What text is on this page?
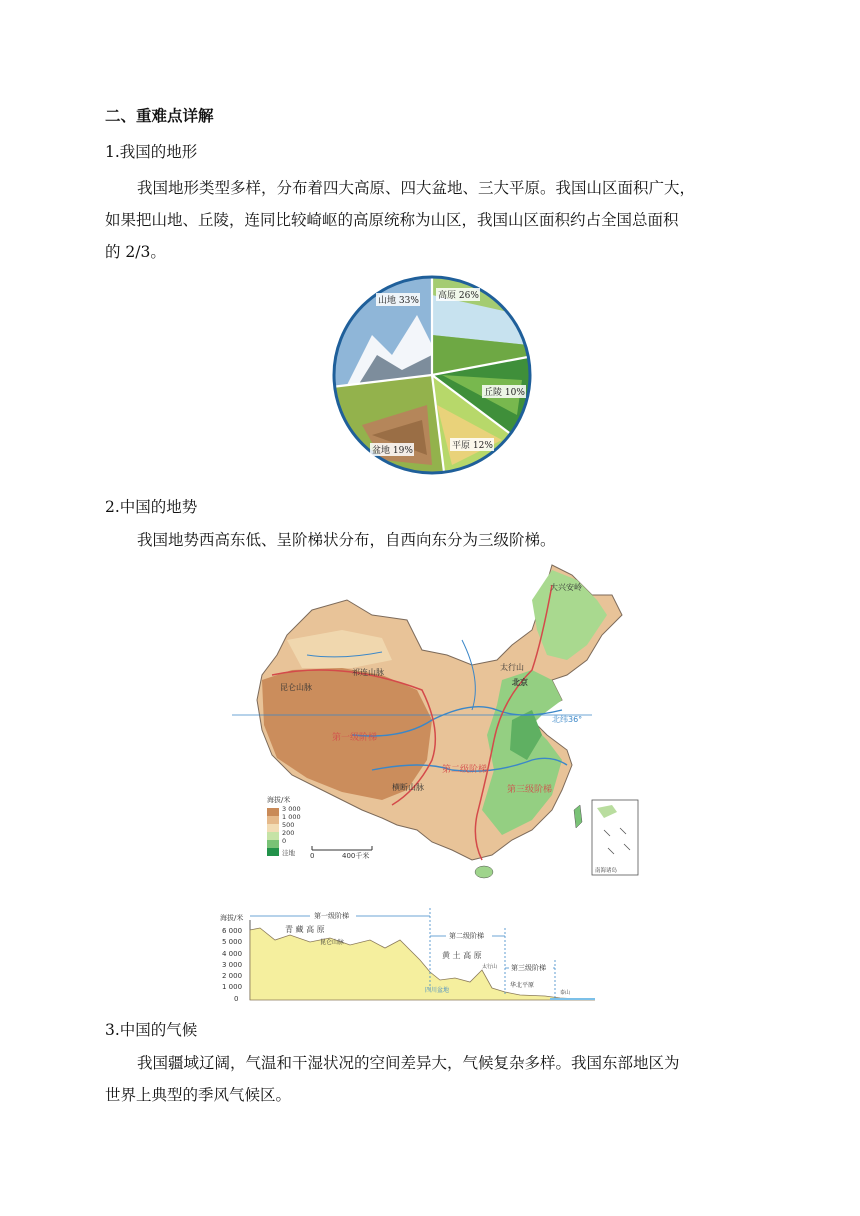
二、重难点详解
1.我国的地形
我国地形类型多样，分布着四大高原、四大盆地、三大平原。我国山区面积广大，
如果把山地、丘陵，连同比较崎岖的高原统称为山区，我国山区面积约占全国总面积
的 2/3。
山地 33% 高原 26%
丘陵 10%
平原 12%
盆地 19%
2.中国的地势
我国地势西高东低、呈阶梯状分布，自西向东分为三级阶梯。
昆仑山脉
祁连山脉
横断山脉
大兴安岭
太行山
北京
北纬36°
第一级阶梯
第二级阶梯
第三级阶梯
海拔/米
3 000
1 000
500
200
0
洼地 0	400千米
南海诸岛
海拔/米
6 000
5 000
4 000
3 000
2 000
1 000
0
第一级阶梯
第二级阶梯
第三级阶梯
青 藏 高 原
昆仑山脉
黄 土 高 原
四川盆地
太行山
华北平原
泰山
3.中国的气候
我国疆域辽阔，气温和干湿状况的空间差异大，气候复杂多样。我国东部地区为
世界上典型的季风气候区。
